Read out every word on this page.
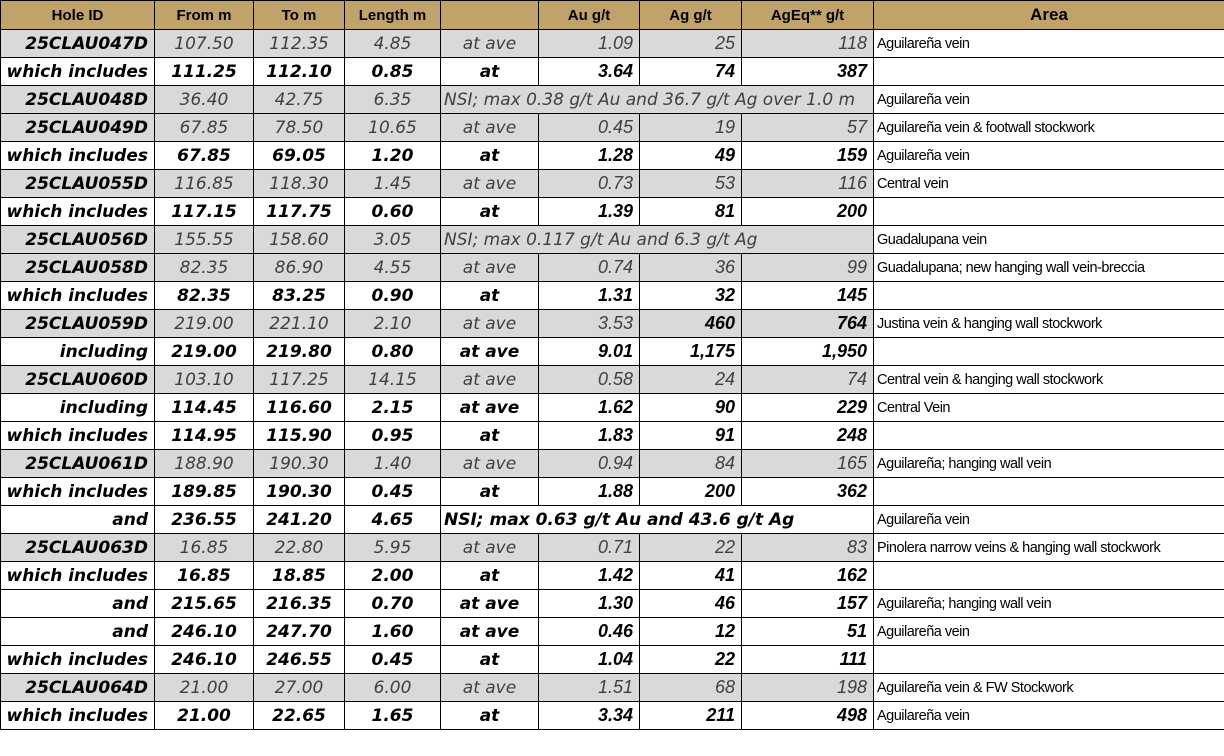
Hole ID	From m	To m	Length m		Au g/t	Ag g/t	AgEq** g/t	Area
25CLAU047D	107.50	112.35	4.85	at ave	1.09	25	118	Aguilareña vein
which includes	111.25	112.10	0.85	at	3.64	74	387	
25CLAU048D	36.40	42.75	6.35	NSI; max 0.38 g/t Au and 36.7 g/t Ag over 1.0 m				Aguilareña vein
25CLAU049D	67.85	78.50	10.65	at ave	0.45	19	57	Aguilareña vein & footwall stockwork
which includes	67.85	69.05	1.20	at	1.28	49	159	Aguilareña vein
25CLAU055D	116.85	118.30	1.45	at ave	0.73	53	116	Central vein
which includes	117.15	117.75	0.60	at	1.39	81	200	
25CLAU056D	155.55	158.60	3.05	NSI; max 0.117 g/t Au and 6.3 g/t Ag				Guadalupana vein
25CLAU058D	82.35	86.90	4.55	at ave	0.74	36	99	Guadalupana; new hanging wall vein-breccia
which includes	82.35	83.25	0.90	at	1.31	32	145	
25CLAU059D	219.00	221.10	2.10	at ave	3.53	460	764	Justina vein & hanging wall stockwork
including	219.00	219.80	0.80	at ave	9.01	1,175	1,950	
25CLAU060D	103.10	117.25	14.15	at ave	0.58	24	74	Central vein & hanging wall stockwork
including	114.45	116.60	2.15	at ave	1.62	90	229	Central Vein
which includes	114.95	115.90	0.95	at	1.83	91	248	
25CLAU061D	188.90	190.30	1.40	at ave	0.94	84	165	Aguilareña; hanging wall vein
which includes	189.85	190.30	0.45	at	1.88	200	362	
and	236.55	241.20	4.65	NSI; max 0.63 g/t Au and 43.6 g/t Ag				Aguilareña vein
25CLAU063D	16.85	22.80	5.95	at ave	0.71	22	83	Pinolera narrow veins & hanging wall stockwork
which includes	16.85	18.85	2.00	at	1.42	41	162	
and	215.65	216.35	0.70	at ave	1.30	46	157	Aguilareña; hanging wall vein
and	246.10	247.70	1.60	at ave	0.46	12	51	Aguilareña vein
which includes	246.10	246.55	0.45	at	1.04	22	111	
25CLAU064D	21.00	27.00	6.00	at ave	1.51	68	198	Aguilareña vein & FW Stockwork
which includes	21.00	22.65	1.65	at	3.34	211	498	Aguilareña vein
